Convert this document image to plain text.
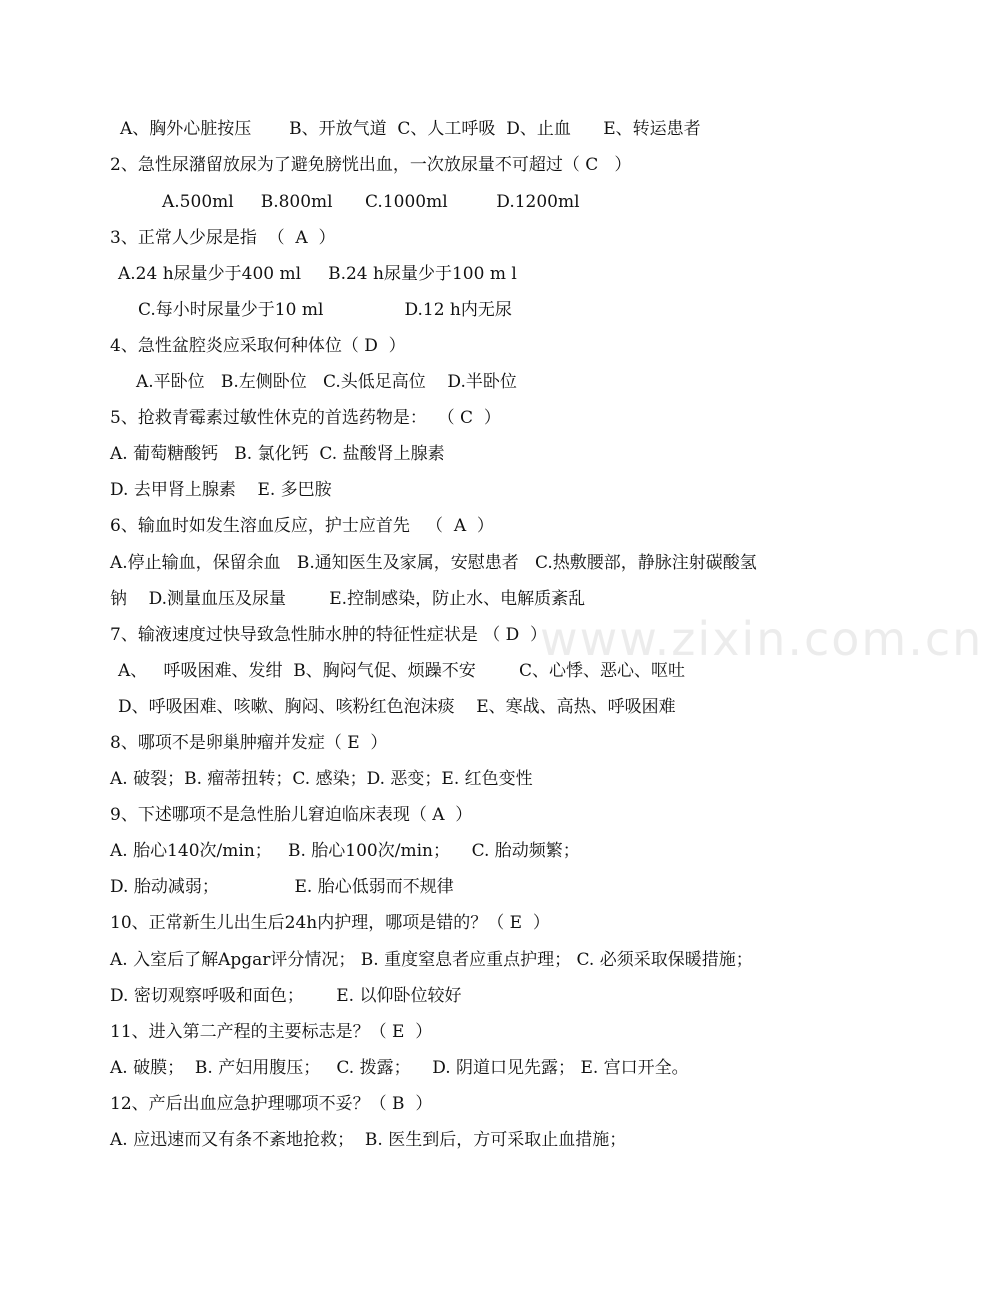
www.zixin.com.cn
A、胸外心脏按压       B、开放气道  C、人工呼吸  D、止血      E、转运患者
2、急性尿潴留放尿为了避免膀恍出血，一次放尿量不可超过（ C   ）
A.500ml     B.800ml      C.1000ml         D.1200ml
3、正常人少尿是指  （  A  ）
A.24 h尿量少于400 ml     B.24 h尿量少于100 m l
C.每小时尿量少于10 ml               D.12 h内无尿
4、急性盆腔炎应采取何种体位（ D  ）
A.平卧位   B.左侧卧位   C.头低足高位    D.半卧位
5、抢救青霉素过敏性休克的首选药物是：  （ C  ）
A. 葡萄糖酸钙   B. 氯化钙  C. 盐酸肾上腺素
D. 去甲肾上腺素    E. 多巴胺
6、输血时如发生溶血反应，护士应首先   （  A  ）
A.停止输血，保留余血   B.通知医生及家属，安慰患者   C.热敷腰部，静脉注射碳酸氢
钠    D.测量血压及尿量        E.控制感染，防止水、电解质紊乱
7、输液速度过快导致急性肺水肿的特征性症状是 （ D  ）
A、   呼吸困难、发绀  B、胸闷气促、烦躁不安        C、心悸、恶心、呕吐
D、呼吸困难、咳嗽、胸闷、咳粉红色泡沫痰    E、寒战、高热、呼吸困难
8、哪项不是卵巢肿瘤并发症（ E  ）
A. 破裂；B. 瘤蒂扭转；C. 感染；D. 恶变；E. 红色变性
9、下述哪项不是急性胎儿窘迫临床表现（ A  ）
A. 胎心140次/min；   B. 胎心100次/min；    C. 胎动频繁；
D. 胎动减弱；              E. 胎心低弱而不规律
10、正常新生儿出生后24h内护理，哪项是错的？（ E  ）
A. 入室后了解Apgar评分情况； B. 重度窒息者应重点护理； C. 必须采取保暖措施；
D. 密切观察呼吸和面色；      E. 以仰卧位较好
11、进入第二产程的主要标志是？（ E  ）
A. 破膜；  B. 产妇用腹压；   C. 拨露；    D. 阴道口见先露； E. 宫口开全。
12、产后出血应急护理哪项不妥？（ B  ）
A. 应迅速而又有条不紊地抢救；  B. 医生到后，方可采取止血措施；
